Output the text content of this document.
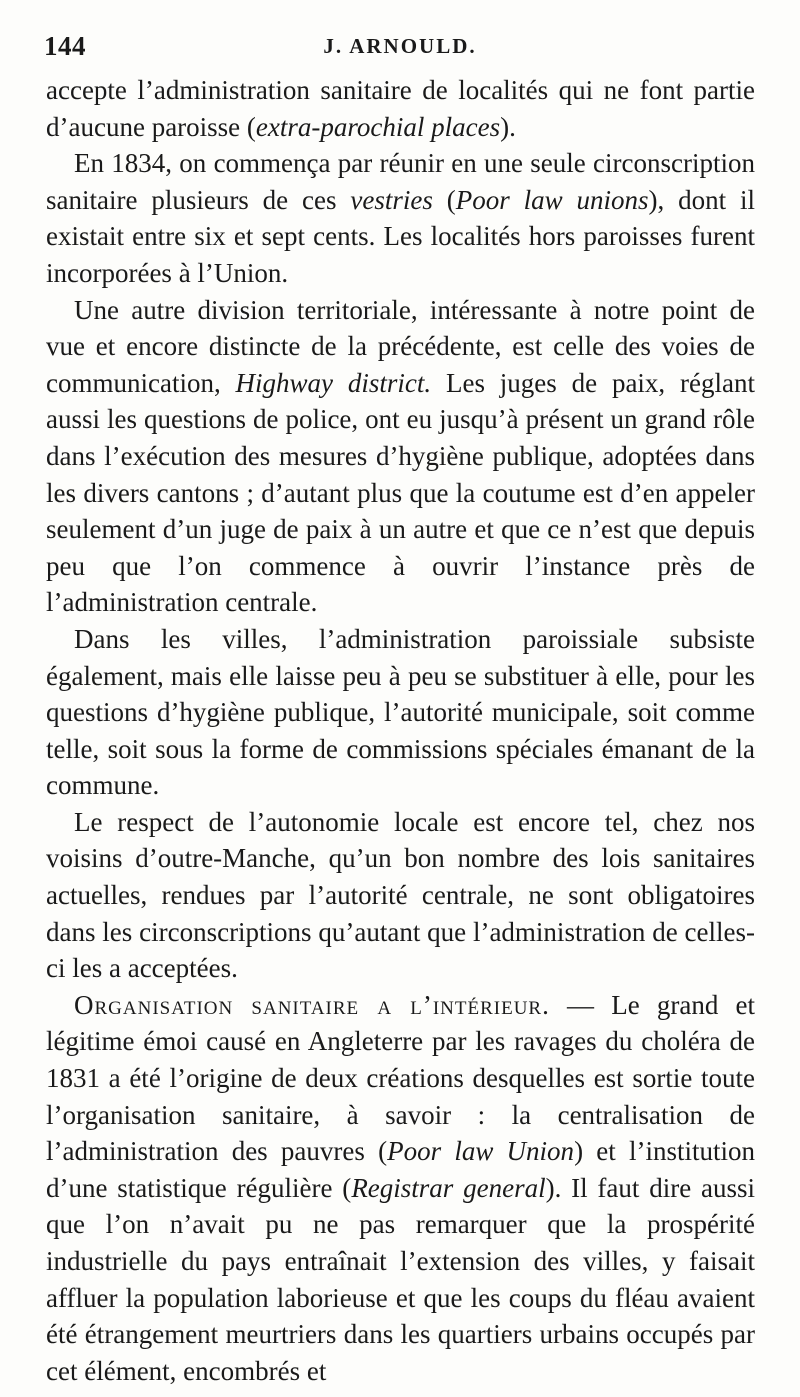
144	J. ARNOULD.

accepte l’administration sanitaire de localités qui ne font partie d’aucune paroisse (extra-parochial places).

En 1834, on commença par réunir en une seule circonscription sanitaire plusieurs de ces vestries (Poor law unions), dont il existait entre six et sept cents. Les localités hors paroisses furent incorporées à l’Union.

Une autre division territoriale, intéressante à notre point de vue et encore distincte de la précédente, est celle des voies de communication, Highway district. Les juges de paix, réglant aussi les questions de police, ont eu jusqu’à présent un grand rôle dans l’exécution des mesures d’hygiène publique, adoptées dans les divers cantons ; d’autant plus que la coutume est d’en appeler seulement d’un juge de paix à un autre et que ce n’est que depuis peu que l’on commence à ouvrir l’instance près de l’administration centrale.

Dans les villes, l’administration paroissiale subsiste également, mais elle laisse peu à peu se substituer à elle, pour les questions d’hygiène publique, l’autorité municipale, soit comme telle, soit sous la forme de commissions spéciales émanant de la commune.

Le respect de l’autonomie locale est encore tel, chez nos voisins d’outre-Manche, qu’un bon nombre des lois sanitaires actuelles, rendues par l’autorité centrale, ne sont obligatoires dans les circonscriptions qu’autant que l’administration de celles-ci les a acceptées.

Organisation sanitaire a l’intérieur. — Le grand et légitime émoi causé en Angleterre par les ravages du choléra de 1831 a été l’origine de deux créations desquelles est sortie toute l’organisation sanitaire, à savoir : la centralisation de l’administration des pauvres (Poor law Union) et l’institution d’une statistique régulière (Registrar general). Il faut dire aussi que l’on n’avait pu ne pas remarquer que la prospérité industrielle du pays entraînait l’extension des villes, y faisait affluer la population laborieuse et que les coups du fléau avaient été étrangement meurtriers dans les quartiers urbains occupés par cet élément, encombrés et
